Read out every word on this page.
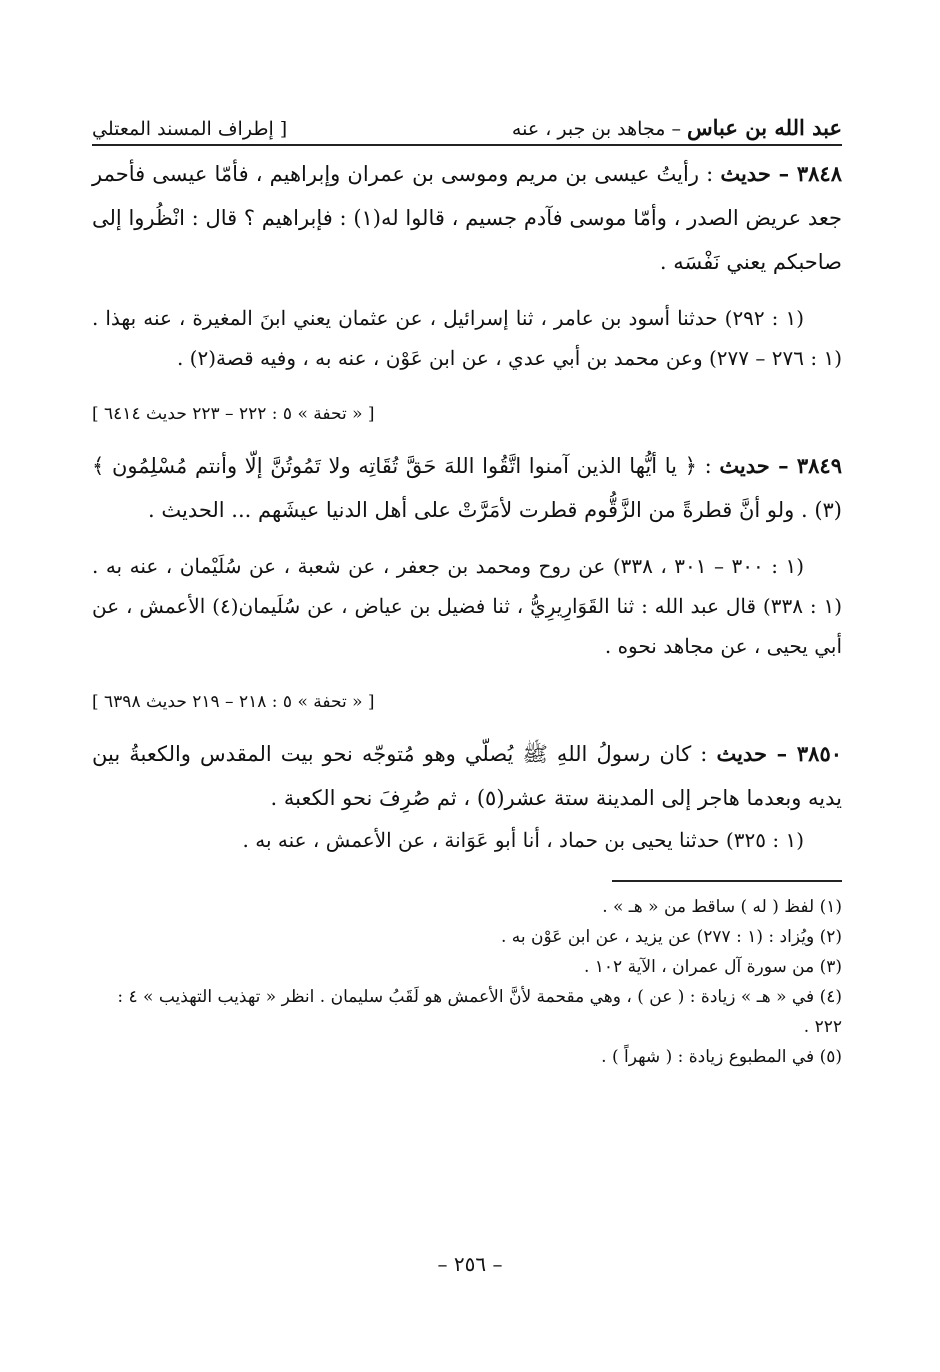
عبد الله بن عباس – مجاهد بن جبر ، عنه
[ إطراف المسند المعتلي

٣٨٤٨ – حديث : رأيتُ عيسى بن مريم وموسى بن عمران وإبراهيم ، فأمّا عيسى فأحمر جعد عريض الصدر ، وأمّا موسى فآدم جسيم ، قالوا له(١) : فإبراهيم ؟ قال : انْظُروا إلى صاحبكم يعني نَفْسَه .

(١ : ٢٩٢) حدثنا أسود بن عامر ، ثنا إسرائيل ، عن عثمان يعني ابنَ المغيرة ، عنه بهذا . (١ : ٢٧٦ – ٢٧٧) وعن محمد بن أبي عدي ، عن ابن عَوْن ، عنه به ، وفيه قصة(٢) .

[ « تحفة » ٥ : ٢٢٢ – ٢٢٣ حديث ٦٤١٤ ]

٣٨٤٩ – حديث : ﴿ يا أيُّها الذين آمنوا اتَّقُوا اللهَ حَقَّ تُقَاتِه ولا تَمُوتُنَّ إلّا وأنتم مُسْلِمُون ﴾(٣) . ولو أنَّ قطرةً من الزَّقُّوم قطرت لأمَرَّتْ على أهل الدنيا عيشَهم ... الحديث .

(١ : ٣٠٠ – ٣٠١ ، ٣٣٨) عن روح ومحمد بن جعفر ، عن شعبة ، عن سُلَيْمان ، عنه به . (١ : ٣٣٨) قال عبد الله : ثنا القَوَارِيرِيُّ ، ثنا فضيل بن عياض ، عن سُلَيمان(٤) الأعمش ، عن أبي يحيى ، عن مجاهد نحوه .

[ « تحفة » ٥ : ٢١٨ – ٢١٩ حديث ٦٣٩٨ ]

٣٨٥٠ – حديث : كان رسولُ اللهِ ﷺ يُصلّي وهو مُتوجّه نحو بيت المقدس والكعبةُ بين يديه وبعدما هاجر إلى المدينة ستة عشر(٥) ، ثم صُرِفَ نحو الكعبة .

(١ : ٣٢٥) حدثنا يحيى بن حماد ، أنا أبو عَوَانة ، عن الأعمش ، عنه به .

(١) لفظ ( له ) ساقط من « هـ » .

(٢) ويُزاد : (١ : ٢٧٧) عن يزيد ، عن ابن عَوْن به .

(٣) من سورة آل عمران ، الآية ١٠٢ .

(٤) في « هـ » زيادة : ( عن ) ، وهي مقحمة لأنَّ الأعمش هو لَقَبُ سليمان . انظر « تهذيب التهذيب » ٤ : ٢٢٢ .

(٥) في المطبوع زيادة : ( شهراً ) .

– ٢٥٦ –
